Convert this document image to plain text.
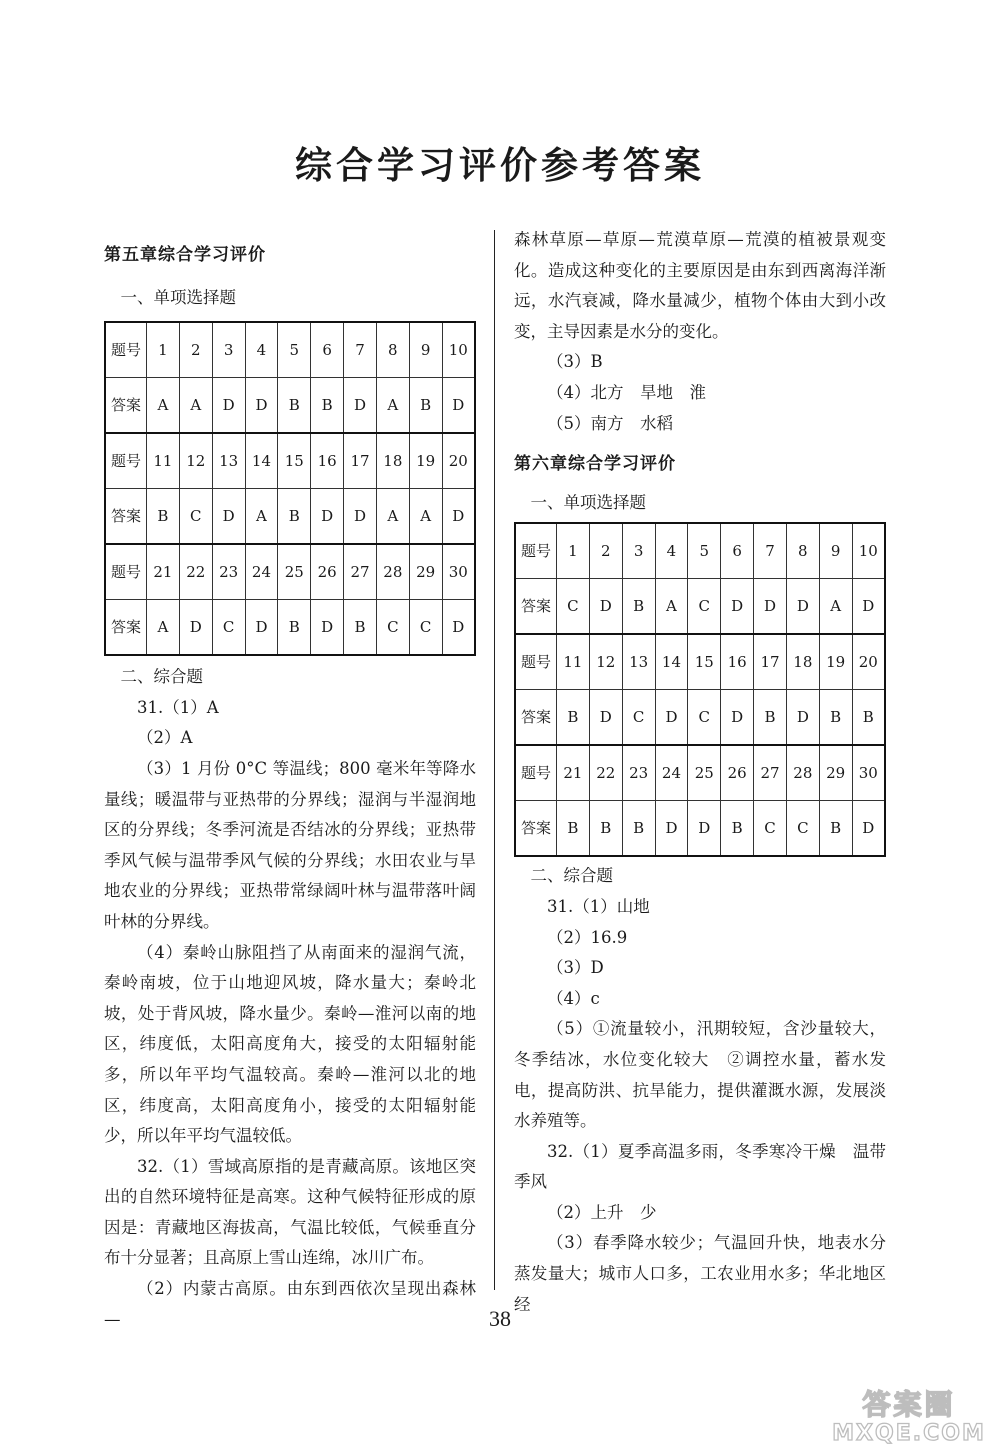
综合学习评价参考答案

第五章综合学习评价

一、单项选择题

题号	1	2	3	4	5	6	7	8	9	10
答案	A	A	D	D	B	B	D	A	B	D
题号	11	12	13	14	15	16	17	18	19	20
答案	B	C	D	A	B	D	D	A	A	D
题号	21	22	23	24	25	26	27	28	29	30
答案	A	D	C	D	B	D	B	C	C	D

二、综合题

31.（1）A

（2）A

（3）1 月份 0°C 等温线；800 毫米年等降水量线；暖温带与亚热带的分界线；湿润与半湿润地区的分界线；冬季河流是否结冰的分界线；亚热带季风气候与温带季风气候的分界线；水田农业与旱地农业的分界线；亚热带常绿阔叶林与温带落叶阔叶林的分界线。

（4）秦岭山脉阻挡了从南面来的湿润气流，秦岭南坡，位于山地迎风坡，降水量大；秦岭北坡，处于背风坡，降水量少。秦岭—淮河以南的地区，纬度低，太阳高度角大，接受的太阳辐射能多，所以年平均气温较高。秦岭—淮河以北的地区，纬度高，太阳高度角小，接受的太阳辐射能少，所以年平均气温较低。

32.（1）雪域高原指的是青藏高原。该地区突出的自然环境特征是高寒。这种气候特征形成的原因是：青藏地区海拔高，气温比较低，气候垂直分布十分显著；且高原上雪山连绵，冰川广布。

（2）内蒙古高原。由东到西依次呈现出森林—

森林草原—草原—荒漠草原—荒漠的植被景观变化。造成这种变化的主要原因是由东到西离海洋渐远，水汽衰减，降水量减少，植物个体由大到小改变，主导因素是水分的变化。

（3）B

（4）北方　旱地　淮

（5）南方　水稻

第六章综合学习评价

一、单项选择题

题号	1	2	3	4	5	6	7	8	9	10
答案	C	D	B	A	C	D	D	D	A	D
题号	11	12	13	14	15	16	17	18	19	20
答案	B	D	C	D	C	D	B	D	B	B
题号	21	22	23	24	25	26	27	28	29	30
答案	B	B	B	D	D	B	C	C	B	D

二、综合题

31.（1）山地

（2）16.9

（3）D

（4）c

（5）①流量较小，汛期较短，含沙量较大，冬季结冰，水位变化较大　②调控水量，蓄水发电，提高防洪、抗旱能力，提供灌溉水源，发展淡水养殖等。

32.（1）夏季高温多雨，冬季寒冷干燥　温带季风

（2）上升　少

（3）春季降水较少；气温回升快，地表水分蒸发量大；城市人口多，工农业用水多；华北地区经

38
答案圈
MXQE.COM
